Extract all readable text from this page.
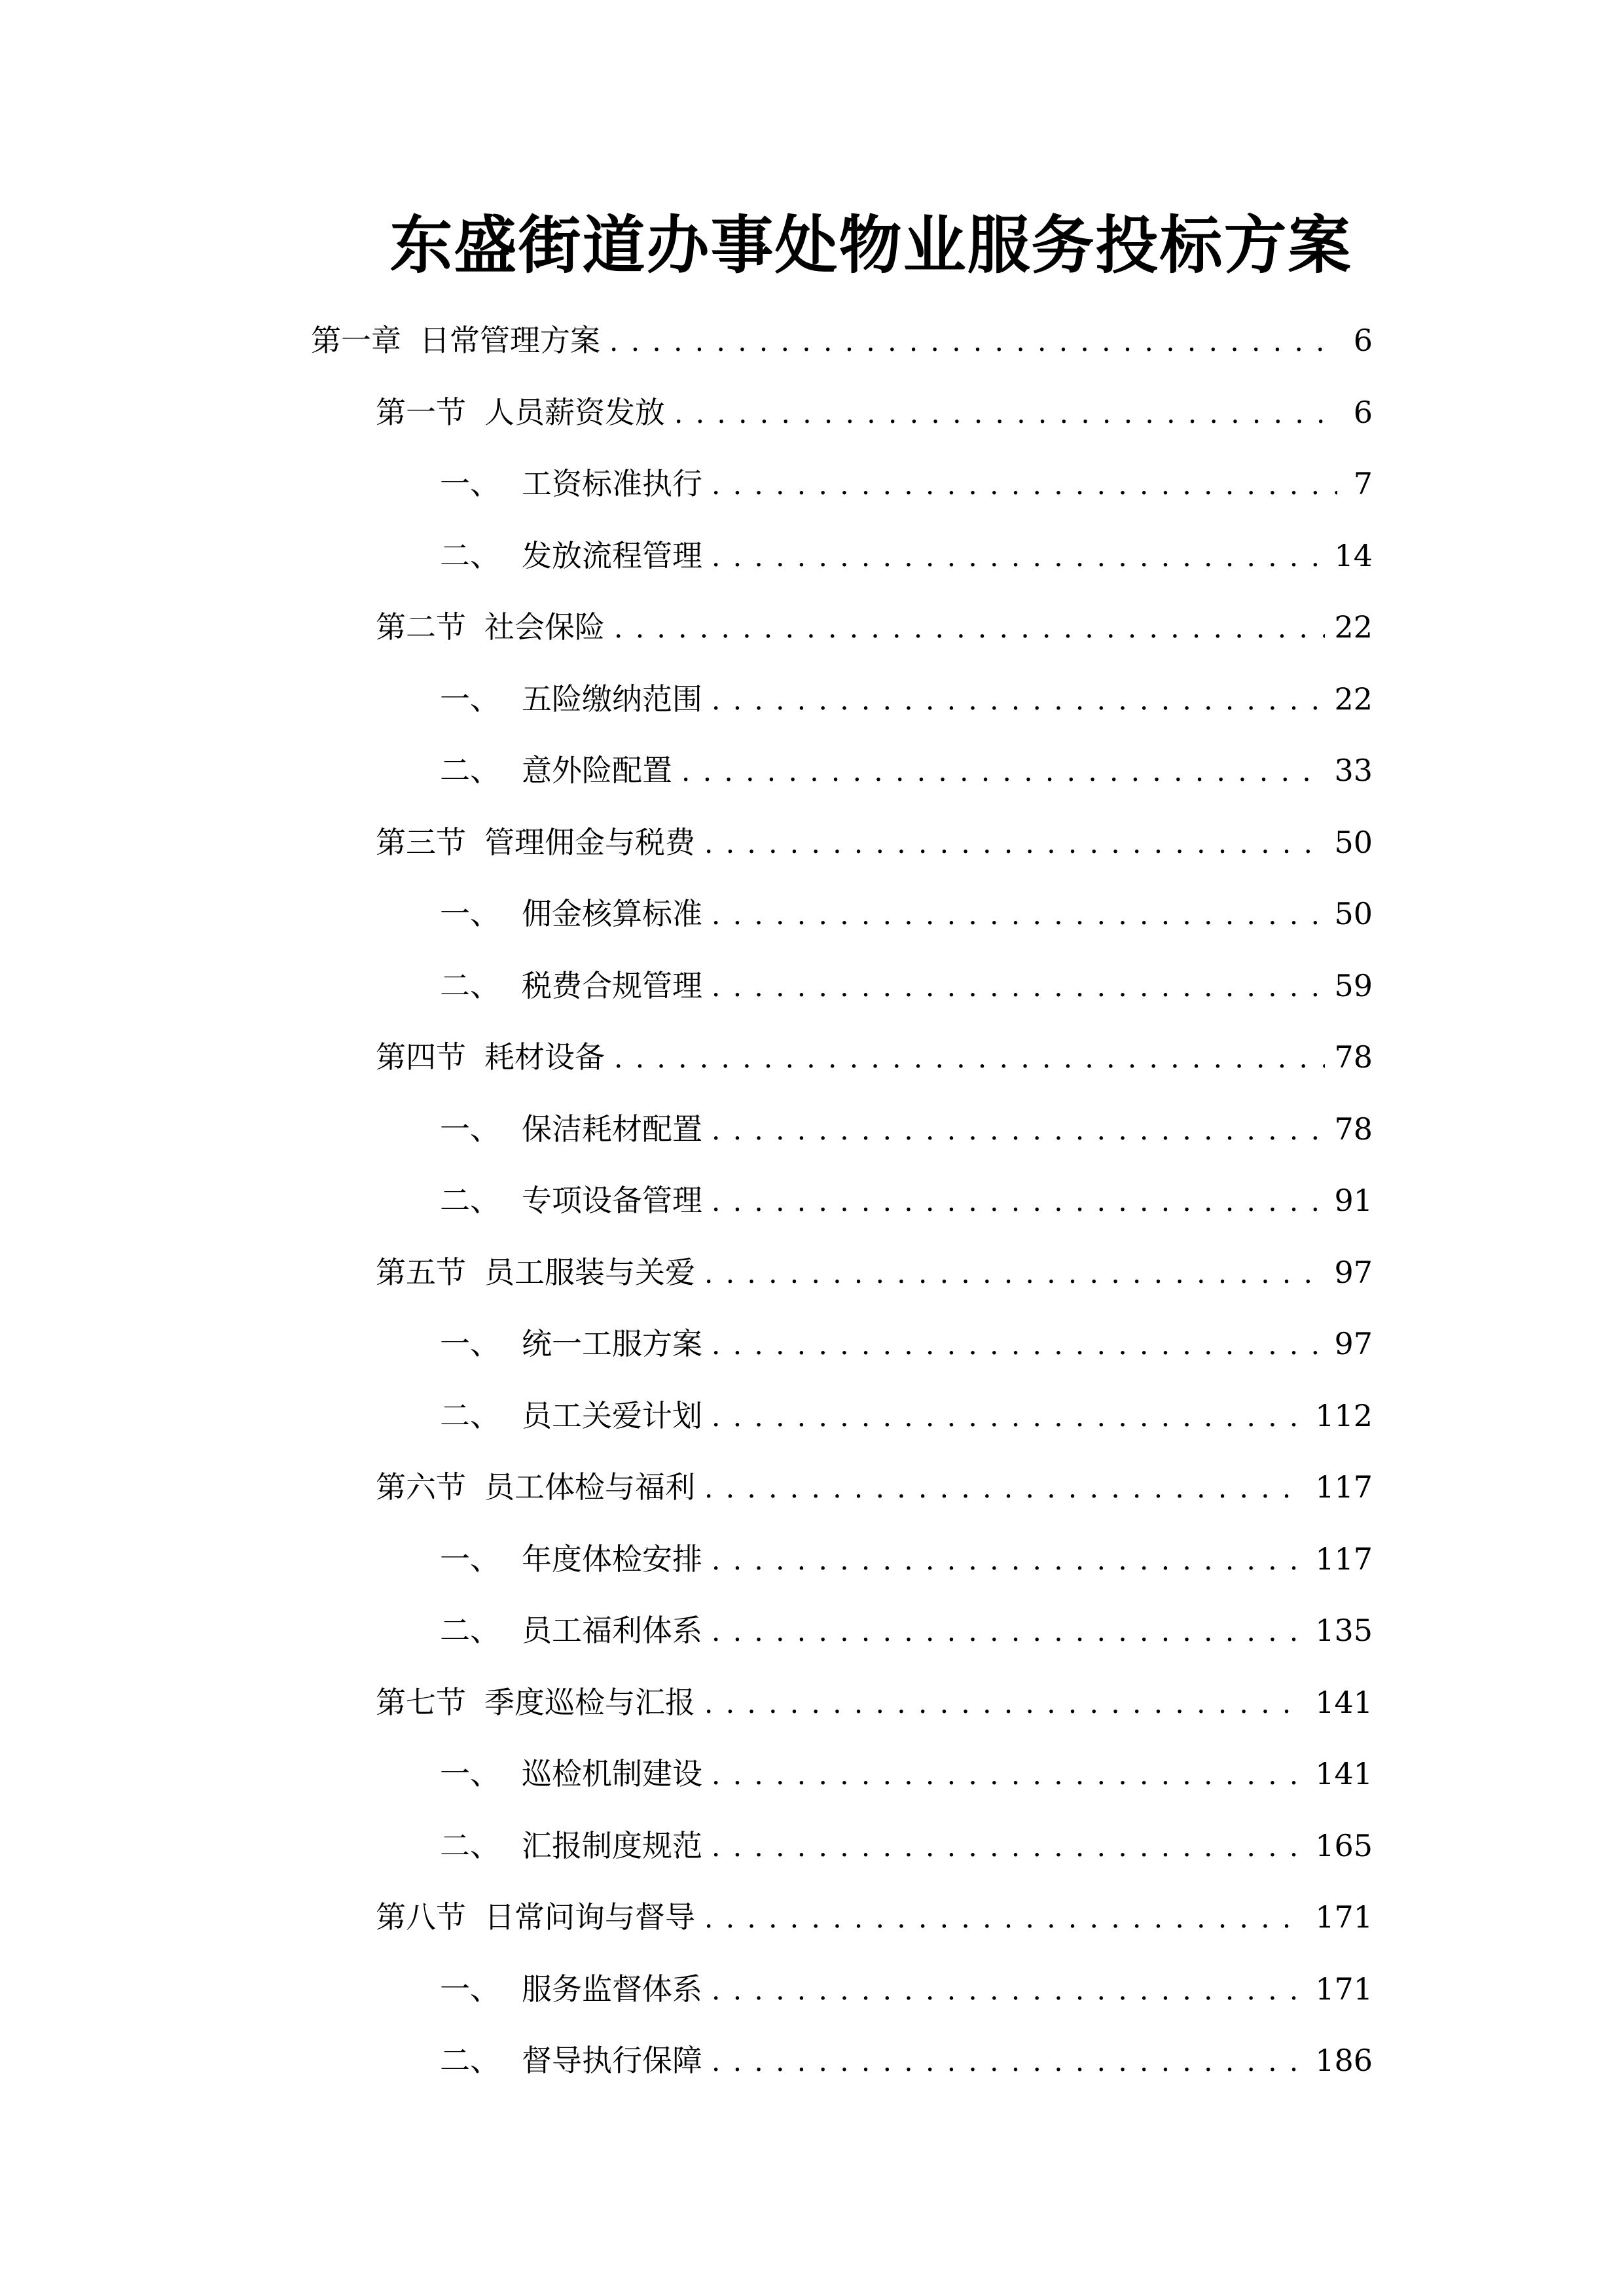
东盛街道办事处物业服务投标方案
第一章 日常管理方案 . . .	6
第一节 人员薪资发放 . . .	6
一、 工资标准执行 . . .	7
二、 发放流程管理 . . .	14
第二节 社会保险 . . .	22
一、 五险缴纳范围 . . .	22
二、 意外险配置 . . .	33
第三节 管理佣金与税费 . . .	50
一、 佣金核算标准 . . .	50
二、 税费合规管理 . . .	59
第四节 耗材设备 . . .	78
一、 保洁耗材配置 . . .	78
二、 专项设备管理 . . .	91
第五节 员工服装与关爱 . . .	97
一、 统一工服方案 . . .	97
二、 员工关爱计划 . . .	112
第六节 员工体检与福利 . . .	117
一、 年度体检安排 . . .	117
二、 员工福利体系 . . .	135
第七节 季度巡检与汇报 . . .	141
一、 巡检机制建设 . . .	141
二、 汇报制度规范 . . .	165
第八节 日常问询与督导 . . .	171
一、 服务监督体系 . . .	171
二、 督导执行保障 . . .	186
